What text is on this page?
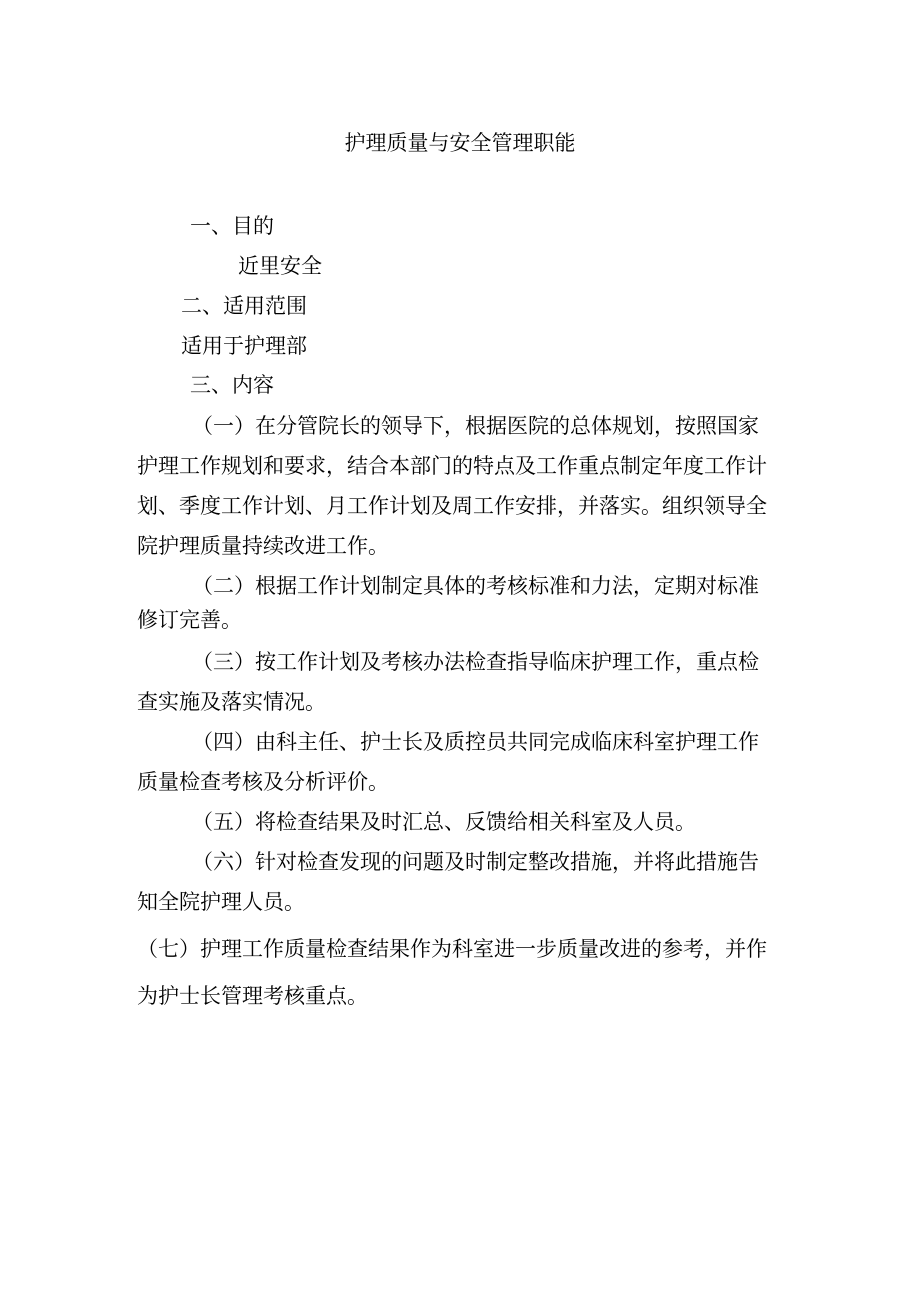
护理质量与安全管理职能
一、目的
近里安全
二、适用范围
适用于护理部
三、内容
（一）在分管院长的领导下，根据医院的总体规划，按照国家
护理工作规划和要求，结合本部门的特点及工作重点制定年度工作计
划、季度工作计划、月工作计划及周工作安排，并落实。组织领导全
院护理质量持续改进工作。
（二）根据工作计划制定具体的考核标准和力法，定期对标准
修订完善。
（三）按工作计划及考核办法检查指导临床护理工作，重点检
查实施及落实情况。
（四）由科主任、护士长及质控员共同完成临床科室护理工作
质量检查考核及分析评价。
（五）将检查结果及时汇总、反馈给相关科室及人员。
（六）针对检查发现的问题及时制定整改措施，并将此措施告
知全院护理人员。
（七）护理工作质量检查结果作为科室进一步质量改进的参考，并作
为护士长管理考核重点。
